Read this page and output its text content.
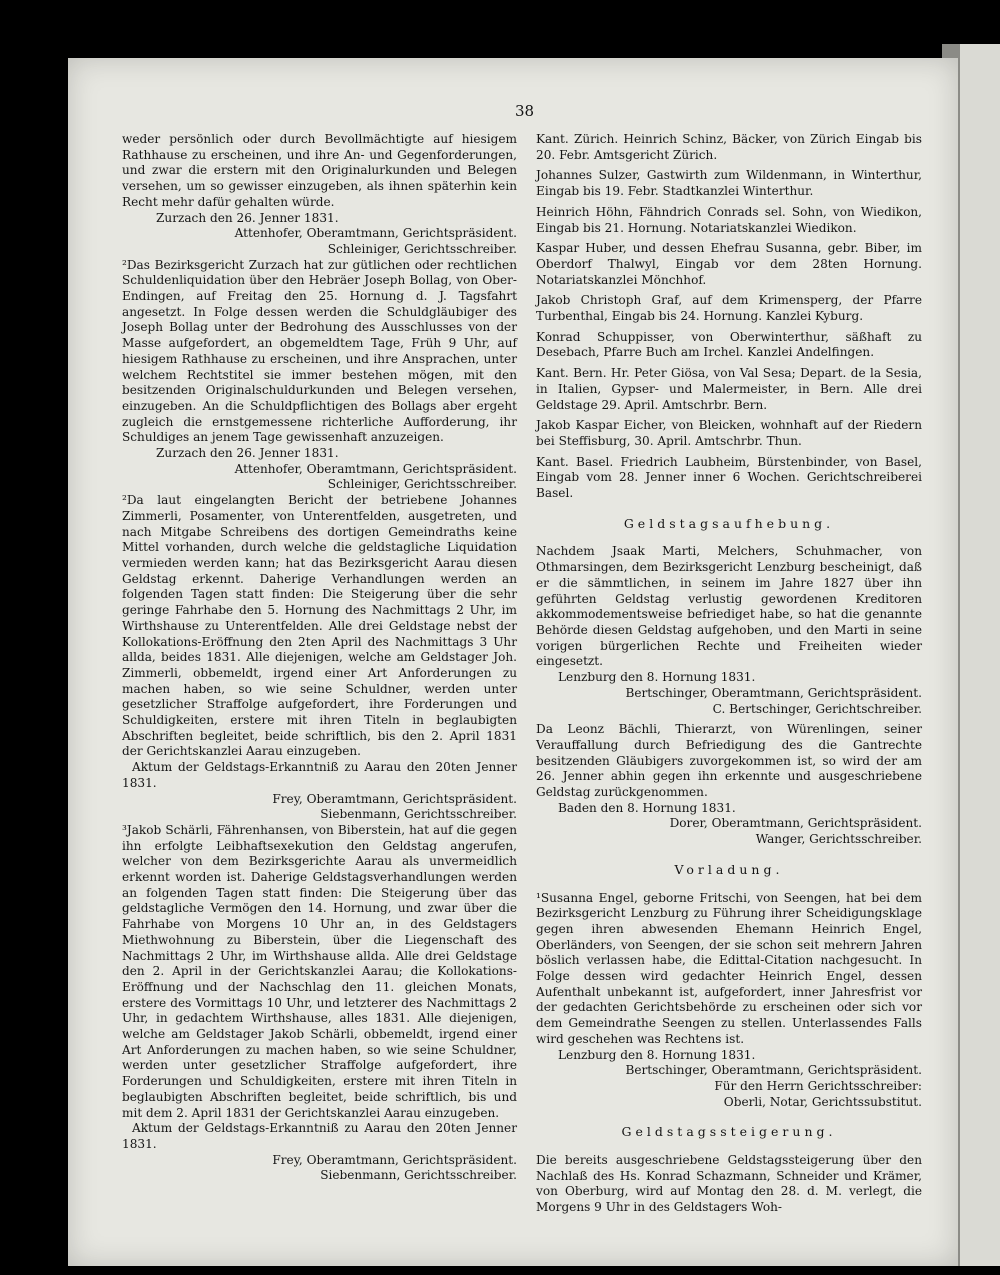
38

weder persönlich oder durch Bevollmächtigte auf hiesigem Rathhause zu erscheinen, und ihre An- und Gegenforderungen, und zwar die erstern mit den Originalurkunden und Belegen versehen, um so gewisser einzugeben, als ihnen späterhin kein Recht mehr dafür gehalten würde.

Zurzach den 26. Jenner 1831.

Attenhofer, Oberamtmann, Gerichtspräsident.

Schleiniger, Gerichtsschreiber.

²Das Bezirksgericht Zurzach hat zur gütlichen oder rechtlichen Schuldenliquidation über den Hebräer Joseph Bollag, von Ober-Endingen, auf Freitag den 25. Hornung d. J. Tagsfahrt angesetzt. In Folge dessen werden die Schuldgläubiger des Joseph Bollag unter der Bedrohung des Ausschlusses von der Masse aufgefordert, an obgemeldtem Tage, Früh 9 Uhr, auf hiesigem Rathhause zu erscheinen, und ihre Ansprachen, unter welchem Rechtstitel sie immer bestehen mögen, mit den besitzenden Originalschuldurkunden und Belegen versehen, einzugeben. An die Schuldpflichtigen des Bollags aber ergeht zugleich die ernstgemessene richterliche Aufforderung, ihr Schuldiges an jenem Tage gewissenhaft anzuzeigen.

Zurzach den 26. Jenner 1831.

Attenhofer, Oberamtmann, Gerichtspräsident.

Schleiniger, Gerichtsschreiber.

²Da laut eingelangten Bericht der betriebene Johannes Zimmerli, Posamenter, von Unterentfelden, ausgetreten, und nach Mitgabe Schreibens des dortigen Gemeindraths keine Mittel vorhanden, durch welche die geldstagliche Liquidation vermieden werden kann; hat das Bezirksgericht Aarau diesen Geldstag erkennt. Daherige Verhandlungen werden an folgenden Tagen statt finden: Die Steigerung über die sehr geringe Fahrhabe den 5. Hornung des Nachmittags 2 Uhr, im Wirthshause zu Unterentfelden. Alle drei Geldstage nebst der Kollokations-Eröffnung den 2ten April des Nachmittags 3 Uhr allda, beides 1831. Alle diejenigen, welche am Geldstager Joh. Zimmerli, obbemeldt, irgend einer Art Anforderungen zu machen haben, so wie seine Schuldner, werden unter gesetzlicher Straffolge aufgefordert, ihre Forderungen und Schuldigkeiten, erstere mit ihren Titeln in beglaubigten Abschriften begleitet, beide schriftlich, bis den 2. April 1831 der Gerichtskanzlei Aarau einzugeben.

Aktum der Geldstags-Erkanntniß zu Aarau den 20ten Jenner 1831.

Frey, Oberamtmann, Gerichtspräsident.

Siebenmann, Gerichtsschreiber.

³Jakob Schärli, Fährenhansen, von Biberstein, hat auf die gegen ihn erfolgte Leibhaftsexekution den Geldstag angerufen, welcher von dem Bezirksgerichte Aarau als unvermeidlich erkennt worden ist. Daherige Geldstagsverhandlungen werden an folgenden Tagen statt finden: Die Steigerung über das geldstagliche Vermögen den 14. Hornung, und zwar über die Fahrhabe von Morgens 10 Uhr an, in des Geldstagers Miethwohnung zu Biberstein, über die Liegenschaft des Nachmittags 2 Uhr, im Wirthshause allda. Alle drei Geldstage den 2. April in der Gerichtskanzlei Aarau; die Kollokations-Eröffnung und der Nachschlag den 11. gleichen Monats, erstere des Vormittags 10 Uhr, und letzterer des Nachmittags 2 Uhr, in gedachtem Wirthshause, alles 1831. Alle diejenigen, welche am Geldstager Jakob Schärli, obbemeldt, irgend einer Art Anforderungen zu machen haben, so wie seine Schuldner, werden unter gesetzlicher Straffolge aufgefordert, ihre Forderungen und Schuldigkeiten, erstere mit ihren Titeln in beglaubigten Abschriften begleitet, beide schriftlich, bis und mit dem 2. April 1831 der Gerichtskanzlei Aarau einzugeben.

Aktum der Geldstags-Erkanntniß zu Aarau den 20ten Jenner 1831.

Frey, Oberamtmann, Gerichtspräsident.

Siebenmann, Gerichtsschreiber.

Kant. Zürich. Heinrich Schinz, Bäcker, von Zürich Eingab bis 20. Febr. Amtsgericht Zürich.

Johannes Sulzer, Gastwirth zum Wildenmann, in Winterthur, Eingab bis 19. Febr. Stadtkanzlei Winterthur.

Heinrich Höhn, Fähndrich Conrads sel. Sohn, von Wiedikon, Eingab bis 21. Hornung. Notariatskanzlei Wiedikon.

Kaspar Huber, und dessen Ehefrau Susanna, gebr. Biber, im Oberdorf Thalwyl, Eingab vor dem 28ten Hornung. Notariatskanzlei Mönchhof.

Jakob Christoph Graf, auf dem Krimensperg, der Pfarre Turbenthal, Eingab bis 24. Hornung. Kanzlei Kyburg.

Konrad Schuppisser, von Oberwinterthur, säßhaft zu Desebach, Pfarre Buch am Irchel. Kanzlei Andelfingen.

Kant. Bern. Hr. Peter Giösa, von Val Sesa; Depart. de la Sesia, in Italien, Gypser- und Malermeister, in Bern. Alle drei Geldstage 29. April. Amtschrbr. Bern.

Jakob Kaspar Eicher, von Bleicken, wohnhaft auf der Riedern bei Steffisburg, 30. April. Amtschrbr. Thun.

Kant. Basel. Friedrich Laubheim, Bürstenbinder, von Basel, Eingab vom 28. Jenner inner 6 Wochen. Gerichtschreiberei Basel.

Geldstagsaufhebung.

Nachdem Jsaak Marti, Melchers, Schuhmacher, von Othmarsingen, dem Bezirksgericht Lenzburg bescheinigt, daß er die sämmtlichen, in seinem im Jahre 1827 über ihn geführten Geldstag verlustig gewordenen Kreditoren akkommodementsweise befriediget habe, so hat die genannte Behörde diesen Geldstag aufgehoben, und den Marti in seine vorigen bürgerlichen Rechte und Freiheiten wieder eingesetzt.

Lenzburg den 8. Hornung 1831.

Bertschinger, Oberamtmann, Gerichtspräsident.

C. Bertschinger, Gerichtschreiber.

Da Leonz Bächli, Thierarzt, von Würenlingen, seiner Verauffallung durch Befriedigung des die Gantrechte besitzenden Gläubigers zuvorgekommen ist, so wird der am 26. Jenner abhin gegen ihn erkennte und ausgeschriebene Geldstag zurückgenommen.

Baden den 8. Hornung 1831.

Dorer, Oberamtmann, Gerichtspräsident.

Wanger, Gerichtsschreiber.

Vorladung.

¹Susanna Engel, geborne Fritschi, von Seengen, hat bei dem Bezirksgericht Lenzburg zu Führung ihrer Scheidigungsklage gegen ihren abwesenden Ehemann Heinrich Engel, Oberländers, von Seengen, der sie schon seit mehrern Jahren böslich verlassen habe, die Edittal-Citation nachgesucht. In Folge dessen wird gedachter Heinrich Engel, dessen Aufenthalt unbekannt ist, aufgefordert, inner Jahresfrist vor der gedachten Gerichtsbehörde zu erscheinen oder sich vor dem Gemeindrathe Seengen zu stellen. Unterlassendes Falls wird geschehen was Rechtens ist.

Lenzburg den 8. Hornung 1831.

Bertschinger, Oberamtmann, Gerichtspräsident.

Für den Herrn Gerichtsschreiber:

Oberli, Notar, Gerichtssubstitut.

Geldstagssteigerung.

Die bereits ausgeschriebene Geldstagssteigerung über den Nachlaß des Hs. Konrad Schazmann, Schneider und Krämer, von Oberburg, wird auf Montag den 28. d. M. verlegt, die Morgens 9 Uhr in des Geldstagers Woh-
